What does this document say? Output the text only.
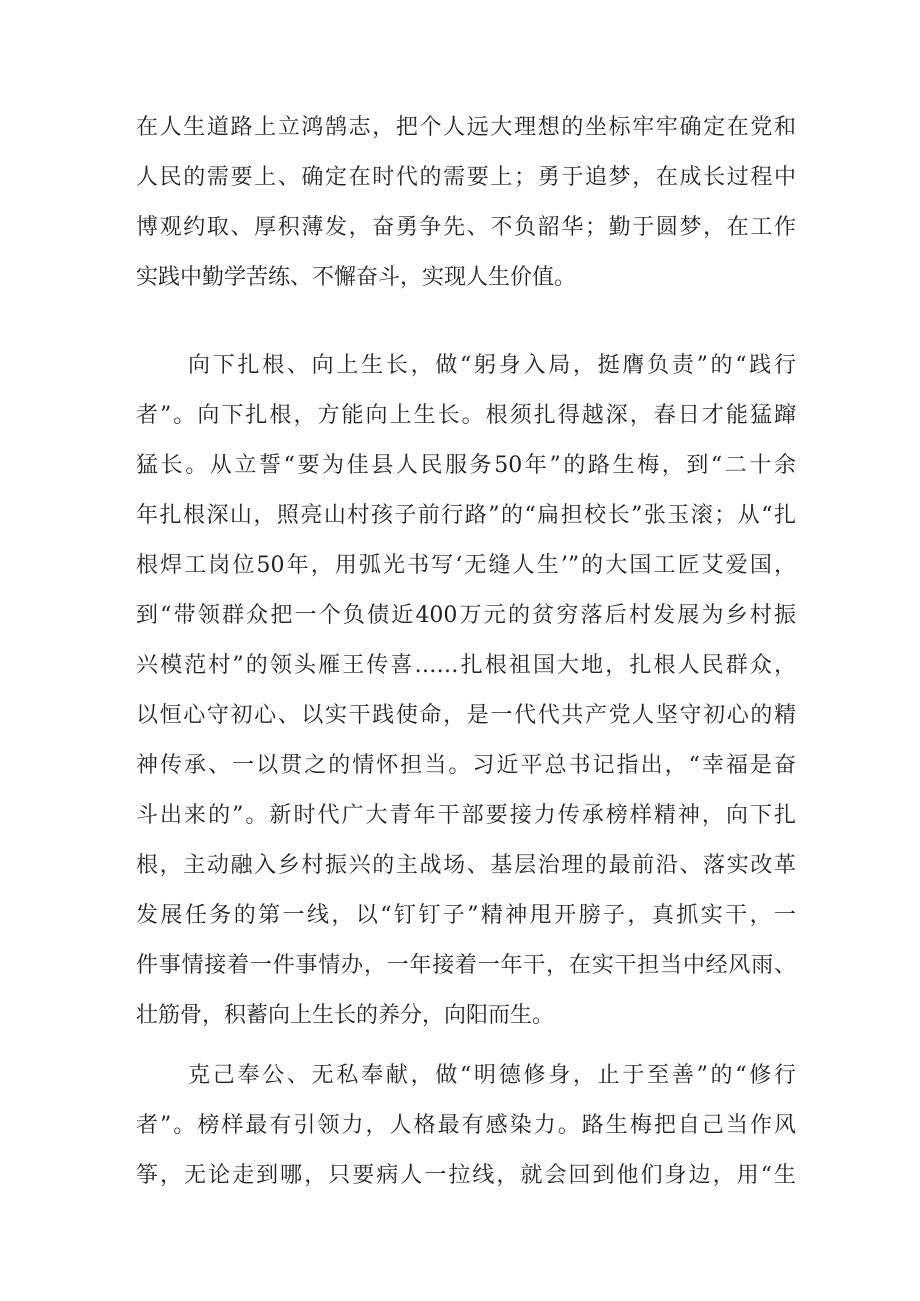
在人生道路上立鸿鹄志，把个人远大理想的坐标牢牢确定在党和
人民的需要上、确定在时代的需要上；勇于追梦，在成长过程中
博观约取、厚积薄发，奋勇争先、不负韶华；勤于圆梦，在工作
实践中勤学苦练、不懈奋斗，实现人生价值。
向下扎根、向上生长，做“躬身入局，挺膺负责”的“践行
者”。向下扎根，方能向上生长。根须扎得越深，春日才能猛蹿
猛长。从立誓“要为佳县人民服务50年”的路生梅，到“二十余
年扎根深山，照亮山村孩子前行路”的“扁担校长”张玉滚；从“扎
根焊工岗位50年，用弧光书写‘无缝人生’”的大国工匠艾爱国，
到“带领群众把一个负债近400万元的贫穷落后村发展为乡村振
兴模范村”的领头雁王传喜……扎根祖国大地，扎根人民群众，
以恒心守初心、以实干践使命，是一代代共产党人坚守初心的精
神传承、一以贯之的情怀担当。习近平总书记指出，“幸福是奋
斗出来的”。新时代广大青年干部要接力传承榜样精神，向下扎
根，主动融入乡村振兴的主战场、基层治理的最前沿、落实改革
发展任务的第一线，以“钉钉子”精神甩开膀子，真抓实干，一
件事情接着一件事情办，一年接着一年干，在实干担当中经风雨、
壮筋骨，积蓄向上生长的养分，向阳而生。
克己奉公、无私奉献，做“明德修身，止于至善”的“修行
者”。榜样最有引领力，人格最有感染力。路生梅把自己当作风
筝，无论走到哪，只要病人一拉线，就会回到他们身边，用“生
